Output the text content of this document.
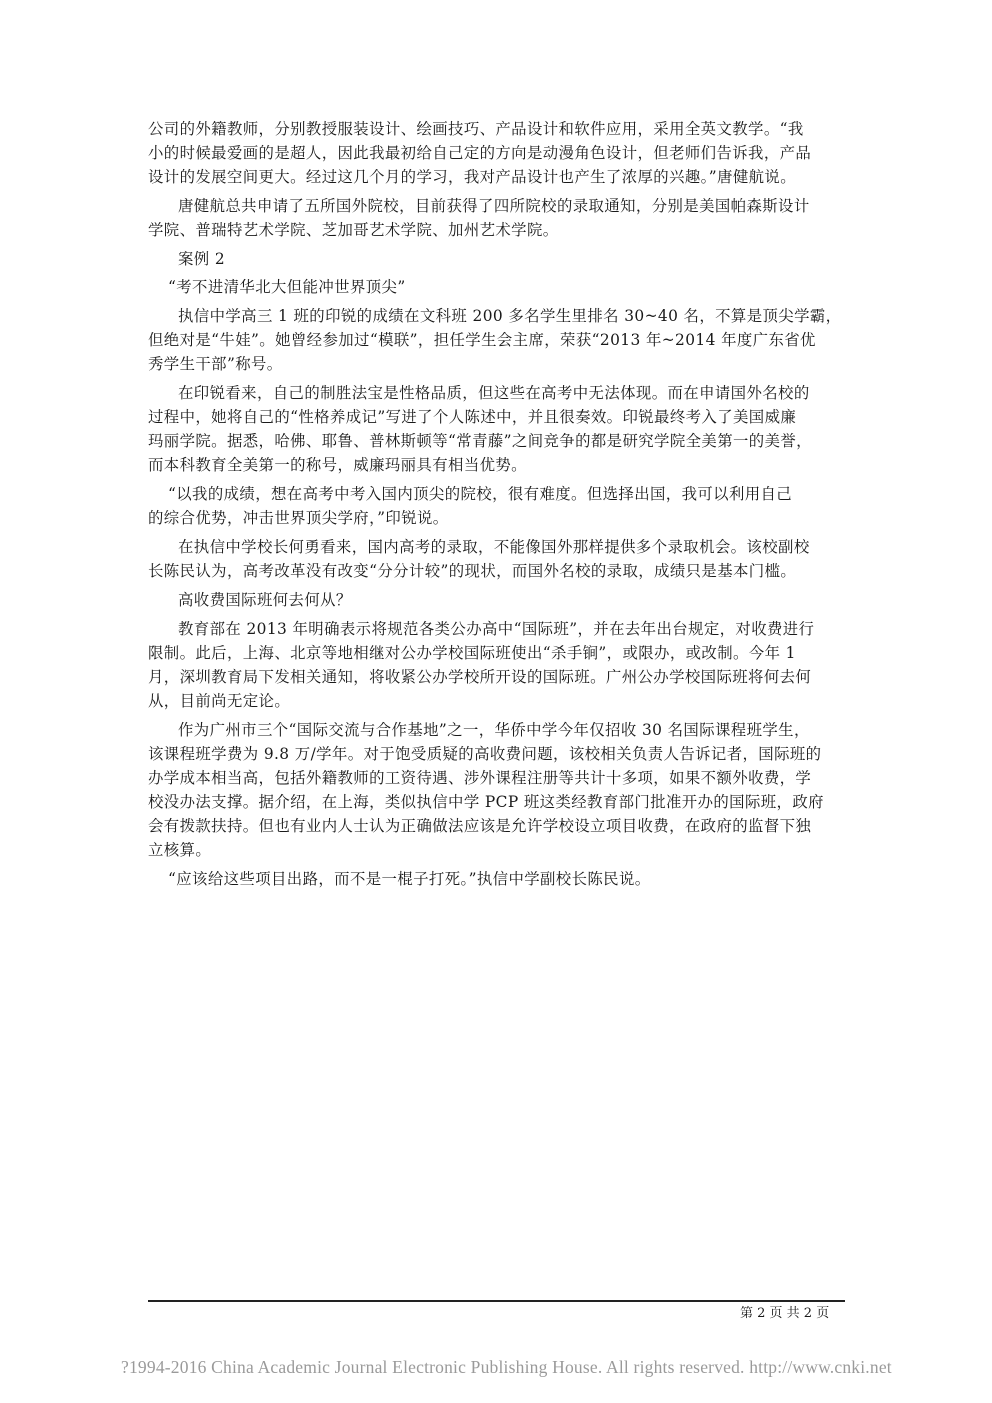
公司的外籍教师，分别教授服装设计、绘画技巧、产品设计和软件应用，采用全英文教学。“我
小的时候最爱画的是超人，因此我最初给自己定的方向是动漫角色设计，但老师们告诉我，产品
设计的发展空间更大。经过这几个月的学习，我对产品设计也产生了浓厚的兴趣。”唐健航说。
唐健航总共申请了五所国外院校，目前获得了四所院校的录取通知，分别是美国帕森斯设计
学院、普瑞特艺术学院、芝加哥艺术学院、加州艺术学院。
案例 2
“考不进清华北大但能冲世界顶尖”
执信中学高三 1 班的印锐的成绩在文科班 200 多名学生里排名 30~40 名，不算是顶尖学霸，
但绝对是“牛娃”。她曾经参加过“模联”，担任学生会主席，荣获“2013 年~2014 年度广东省优
秀学生干部”称号。
在印锐看来，自己的制胜法宝是性格品质，但这些在高考中无法体现。而在申请国外名校的
过程中，她将自己的“性格养成记”写进了个人陈述中，并且很奏效。印锐最终考入了美国威廉
玛丽学院。据悉，哈佛、耶鲁、普林斯顿等“常青藤”之间竞争的都是研究学院全美第一的美誉，
而本科教育全美第一的称号，威廉玛丽具有相当优势。
“以我的成绩，想在高考中考入国内顶尖的院校，很有难度。但选择出国，我可以利用自己
的综合优势，冲击世界顶尖学府，”印锐说。
在执信中学校长何勇看来，国内高考的录取，不能像国外那样提供多个录取机会。该校副校
长陈民认为，高考改革没有改变“分分计较”的现状，而国外名校的录取，成绩只是基本门槛。
高收费国际班何去何从？
教育部在 2013 年明确表示将规范各类公办高中“国际班”，并在去年出台规定，对收费进行
限制。此后，上海、北京等地相继对公办学校国际班使出“杀手锏”，或限办，或改制。今年 1
月，深圳教育局下发相关通知，将收紧公办学校所开设的国际班。广州公办学校国际班将何去何
从，目前尚无定论。
作为广州市三个“国际交流与合作基地”之一，华侨中学今年仅招收 30 名国际课程班学生，
该课程班学费为 9.8 万/学年。对于饱受质疑的高收费问题，该校相关负责人告诉记者，国际班的
办学成本相当高，包括外籍教师的工资待遇、涉外课程注册等共计十多项，如果不额外收费，学
校没办法支撑。据介绍，在上海，类似执信中学 PCP 班这类经教育部门批准开办的国际班，政府
会有拨款扶持。但也有业内人士认为正确做法应该是允许学校设立项目收费，在政府的监督下独
立核算。
“应该给这些项目出路，而不是一棍子打死。”执信中学副校长陈民说。
第 2 页 共 2 页
?1994-2016 China Academic Journal Electronic Publishing House. All rights reserved. http://www.cnki.net
